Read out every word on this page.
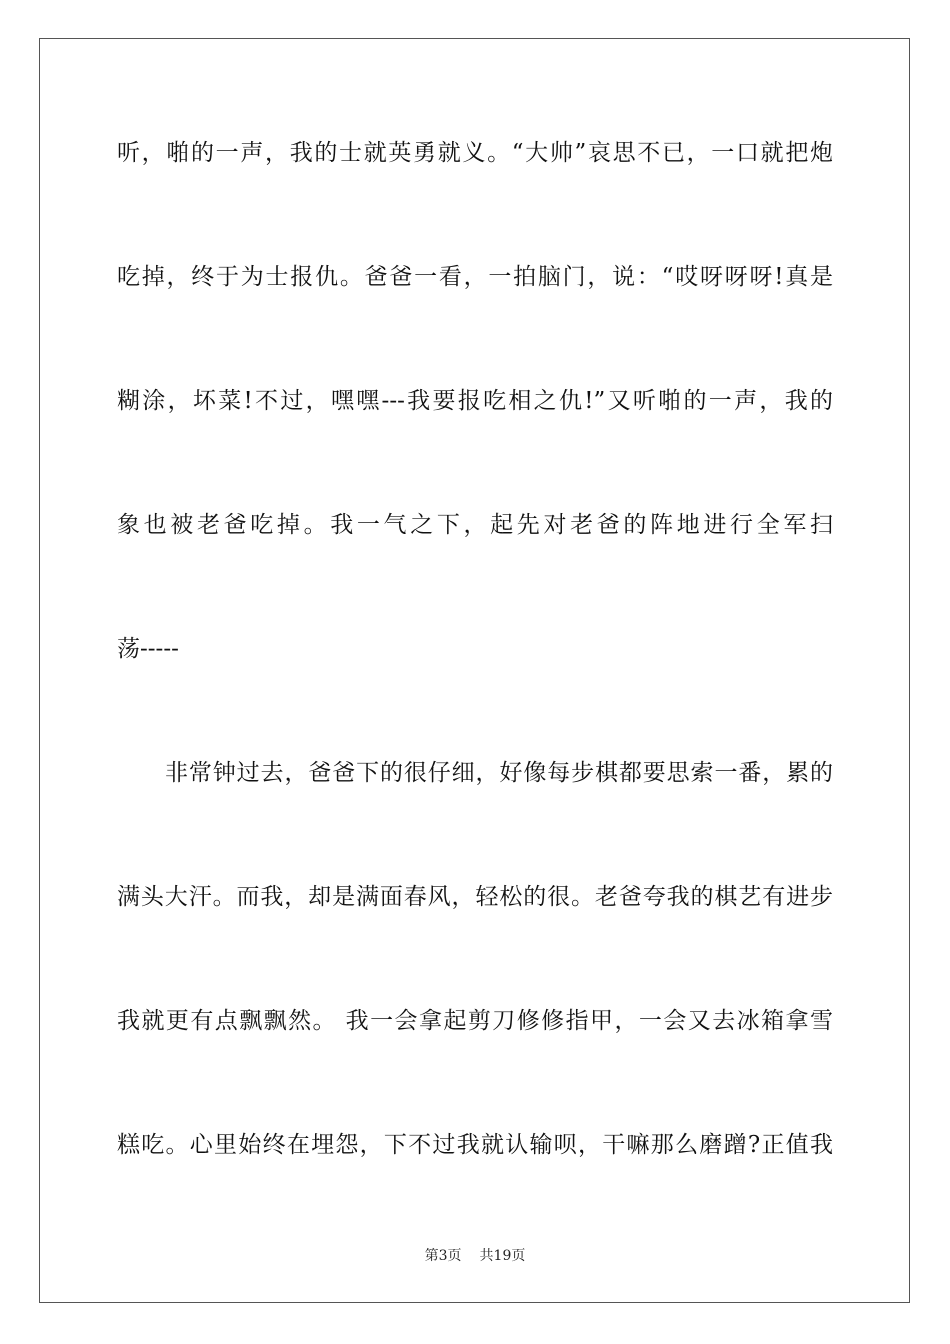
听，啪的一声，我的士就英勇就义。“大帅”哀思不已，一口就把炮
吃掉，终于为士报仇。爸爸一看，一拍脑门，说：“哎呀呀呀!真是
糊涂，坏菜!不过，嘿嘿---我要报吃相之仇!”又听啪的一声，我的
象也被老爸吃掉。我一气之下，起先对老爸的阵地进行全军扫
荡-----
非常钟过去，爸爸下的很仔细，好像每步棋都要思索一番，累的
满头大汗。而我，却是满面春风，轻松的很。老爸夸我的棋艺有进步
我就更有点飘飘然。 我一会拿起剪刀修修指甲，一会又去冰箱拿雪
糕吃。心里始终在埋怨，下不过我就认输呗，干嘛那么磨蹭?正值我
第3页 共19页
